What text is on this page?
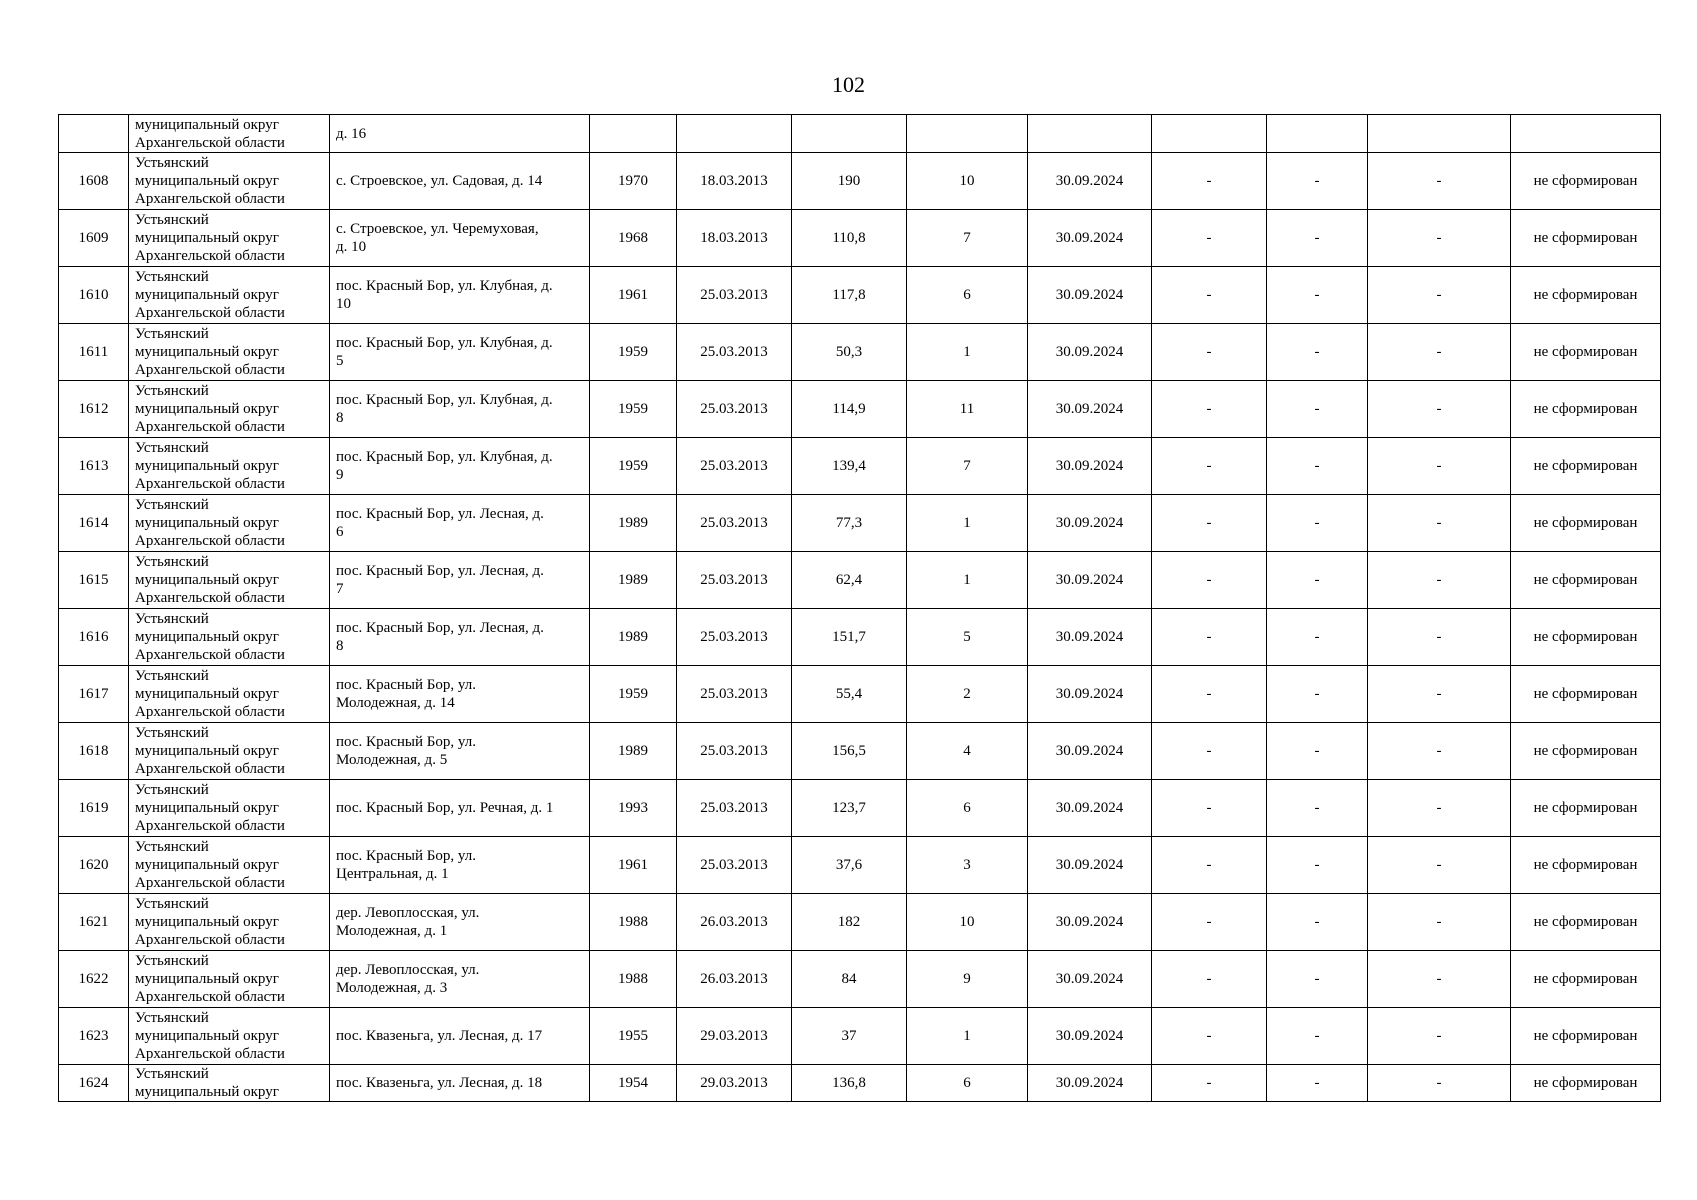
102
	муниципальный округ
Архангельской области	д. 16									
1608	Устьянский
муниципальный округ
Архангельской области	с. Строевское, ул. Садовая, д. 14	1970	18.03.2013	190	10	30.09.2024	-	-	-	не сформирован
1609	Устьянский
муниципальный округ
Архангельской области	с. Строевское, ул. Черемуховая,
д. 10	1968	18.03.2013	110,8	7	30.09.2024	-	-	-	не сформирован
1610	Устьянский
муниципальный округ
Архангельской области	пос. Красный Бор, ул. Клубная, д.
10	1961	25.03.2013	117,8	6	30.09.2024	-	-	-	не сформирован
1611	Устьянский
муниципальный округ
Архангельской области	пос. Красный Бор, ул. Клубная, д.
5	1959	25.03.2013	50,3	1	30.09.2024	-	-	-	не сформирован
1612	Устьянский
муниципальный округ
Архангельской области	пос. Красный Бор, ул. Клубная, д.
8	1959	25.03.2013	114,9	11	30.09.2024	-	-	-	не сформирован
1613	Устьянский
муниципальный округ
Архангельской области	пос. Красный Бор, ул. Клубная, д.
9	1959	25.03.2013	139,4	7	30.09.2024	-	-	-	не сформирован
1614	Устьянский
муниципальный округ
Архангельской области	пос. Красный Бор, ул. Лесная, д.
6	1989	25.03.2013	77,3	1	30.09.2024	-	-	-	не сформирован
1615	Устьянский
муниципальный округ
Архангельской области	пос. Красный Бор, ул. Лесная, д.
7	1989	25.03.2013	62,4	1	30.09.2024	-	-	-	не сформирован
1616	Устьянский
муниципальный округ
Архангельской области	пос. Красный Бор, ул. Лесная, д.
8	1989	25.03.2013	151,7	5	30.09.2024	-	-	-	не сформирован
1617	Устьянский
муниципальный округ
Архангельской области	пос. Красный Бор, ул.
Молодежная, д. 14	1959	25.03.2013	55,4	2	30.09.2024	-	-	-	не сформирован
1618	Устьянский
муниципальный округ
Архангельской области	пос. Красный Бор, ул.
Молодежная, д. 5	1989	25.03.2013	156,5	4	30.09.2024	-	-	-	не сформирован
1619	Устьянский
муниципальный округ
Архангельской области	пос. Красный Бор, ул. Речная, д. 1	1993	25.03.2013	123,7	6	30.09.2024	-	-	-	не сформирован
1620	Устьянский
муниципальный округ
Архангельской области	пос. Красный Бор, ул.
Центральная, д. 1	1961	25.03.2013	37,6	3	30.09.2024	-	-	-	не сформирован
1621	Устьянский
муниципальный округ
Архангельской области	дер. Левоплосская, ул.
Молодежная, д. 1	1988	26.03.2013	182	10	30.09.2024	-	-	-	не сформирован
1622	Устьянский
муниципальный округ
Архангельской области	дер. Левоплосская, ул.
Молодежная, д. 3	1988	26.03.2013	84	9	30.09.2024	-	-	-	не сформирован
1623	Устьянский
муниципальный округ
Архангельской области	пос. Квазеньга, ул. Лесная, д. 17	1955	29.03.2013	37	1	30.09.2024	-	-	-	не сформирован
1624	Устьянский
муниципальный округ	пос. Квазеньга, ул. Лесная, д. 18	1954	29.03.2013	136,8	6	30.09.2024	-	-	-	не сформирован
